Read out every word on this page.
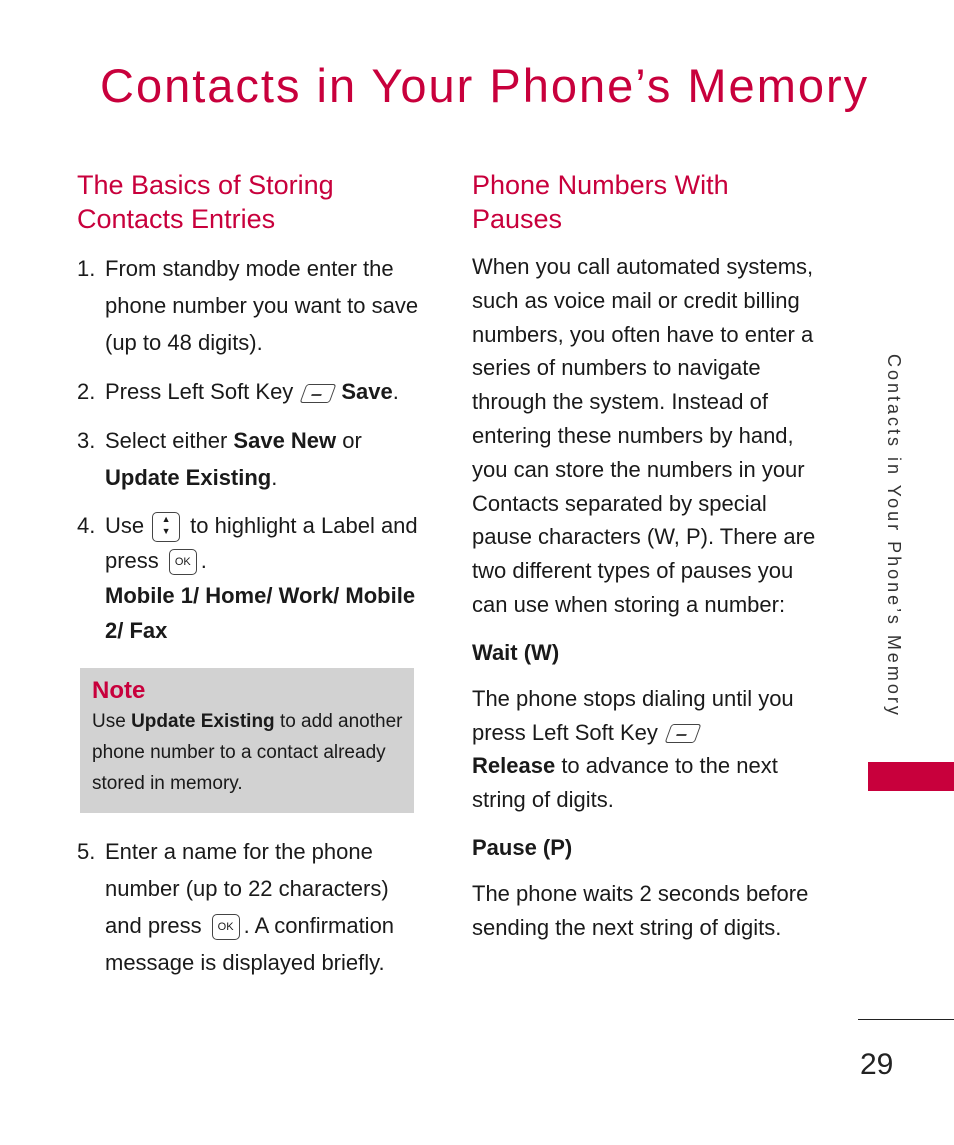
Contacts in Your Phone’s Memory
The Basics of Storing Contacts Entries
1. From standby mode enter the phone number you want to save (up to 48 digits).
2. Press Left Soft Key Save.
3. Select either Save New or
Update Existing.
4. Use	▲
▼ to highlight a Label and press OK .
Mobile 1/ Home/ Work/ Mobile 2/ Fax
Note
Use Update Existing to add another phone number to a contact already stored in memory.
5. Enter a name for the phone number (up to 22 characters) and press OK . A confirmation message is displayed briefly.
Phone Numbers With Pauses

When you call automated systems, such as voice mail or credit billing numbers, you often have to enter a series of numbers to navigate through the system. Instead of entering these numbers by hand, you can store the numbers in your Contacts separated by special pause characters (W, P). There are two different types of pauses you can use when storing a number:

Wait (W)

The phone stops dialing until you press Left Soft Key
Release to advance to the next string of digits.

Pause (P)

The phone waits 2 seconds before sending the next string of digits.

Contacts in Your Phone’s Memory
29
